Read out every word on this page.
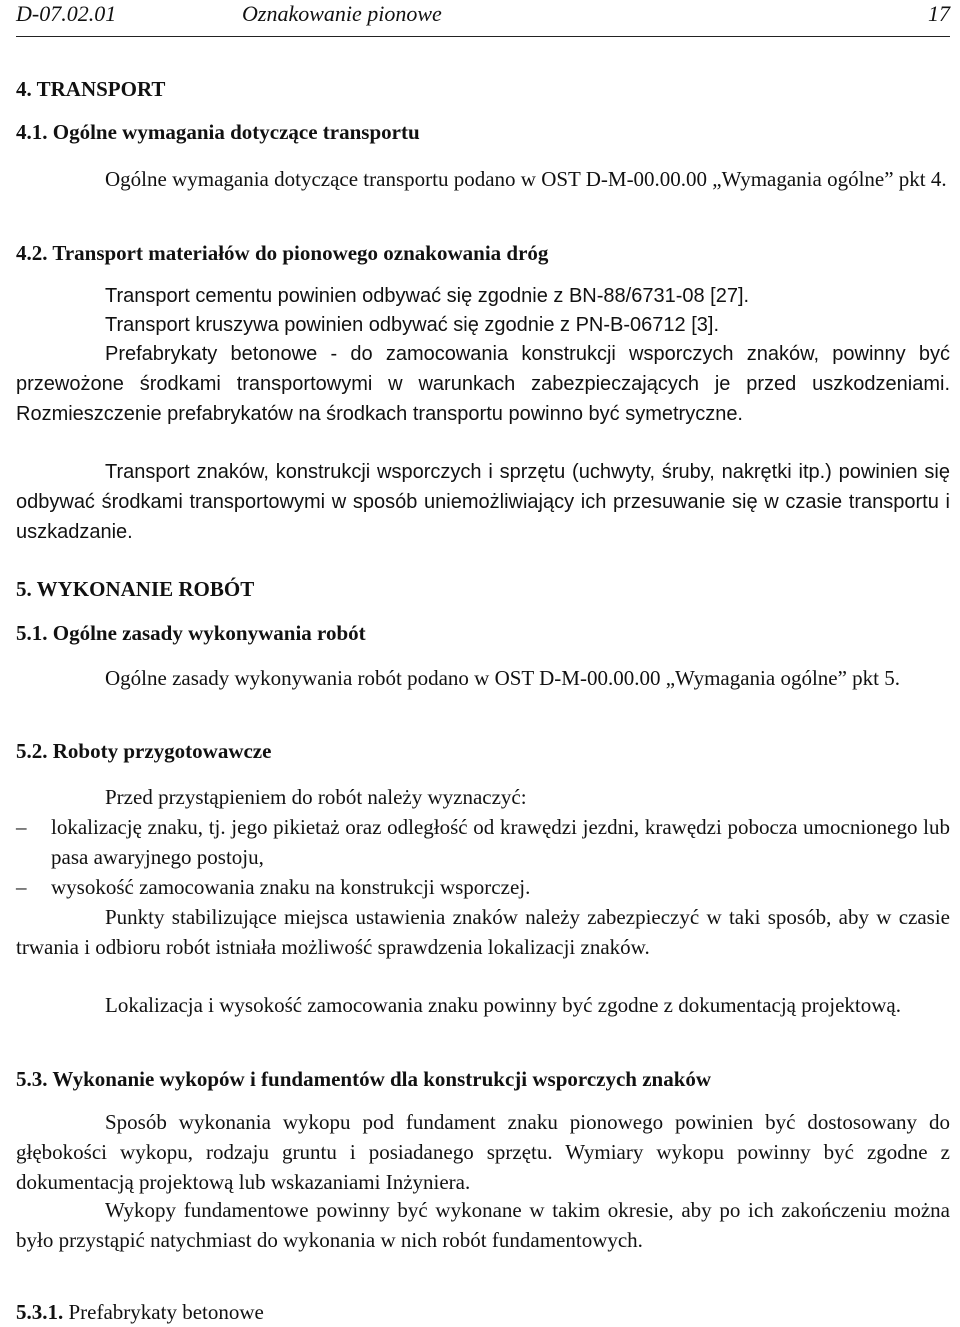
D-07.02.01	Oznakowanie pionowe	17
4. TRANSPORT
4.1. Ogólne wymagania dotyczące transportu
Ogólne wymagania dotyczące transportu podano w OST D-M-00.00.00 „Wymagania ogólne” pkt 4.
4.2. Transport materiałów do pionowego oznakowania dróg
Transport cementu powinien odbywać się zgodnie z BN-88/6731-08 [27].
Transport kruszywa powinien odbywać się zgodnie z PN-B-06712 [3].
Prefabrykaty betonowe - do zamocowania konstrukcji wsporczych znaków, powinny być przewożone środkami transportowymi w warunkach zabezpieczających je przed uszkodzeniami. Rozmieszczenie prefabrykatów na środkach transportu powinno być symetryczne.
Transport znaków, konstrukcji wsporczych i sprzętu (uchwyty, śruby, nakrętki itp.) powinien się odbywać środkami transportowymi w sposób uniemożliwiający ich przesuwanie się w czasie transportu i uszkadzanie.
5. WYKONANIE ROBÓT
5.1. Ogólne zasady wykonywania robót
Ogólne zasady wykonywania robót podano w OST D-M-00.00.00 „Wymagania ogólne” pkt 5.
5.2. Roboty przygotowawcze
Przed przystąpieniem do robót należy wyznaczyć:
– lokalizację znaku, tj. jego pikietaż oraz odległość od krawędzi jezdni, krawędzi pobocza umocnionego lub pasa awaryjnego postoju,
– wysokość zamocowania znaku na konstrukcji wsporczej.
Punkty stabilizujące miejsca ustawienia znaków należy zabezpieczyć w taki sposób, aby w czasie trwania i odbioru robót istniała możliwość sprawdzenia lokalizacji znaków.
Lokalizacja i wysokość zamocowania znaku powinny być zgodne z dokumentacją projektową.
5.3. Wykonanie wykopów i fundamentów dla konstrukcji wsporczych znaków
Sposób wykonania wykopu pod fundament znaku pionowego powinien być dostosowany do głębokości wykopu, rodzaju gruntu i posiadanego sprzętu. Wymiary wykopu powinny być zgodne z dokumentacją projektową lub wskazaniami Inżyniera.
Wykopy fundamentowe powinny być wykonane w takim okresie, aby po ich zakończeniu można było przystąpić natychmiast do wykonania w nich robót fundamentowych.
5.3.1. Prefabrykaty betonowe
